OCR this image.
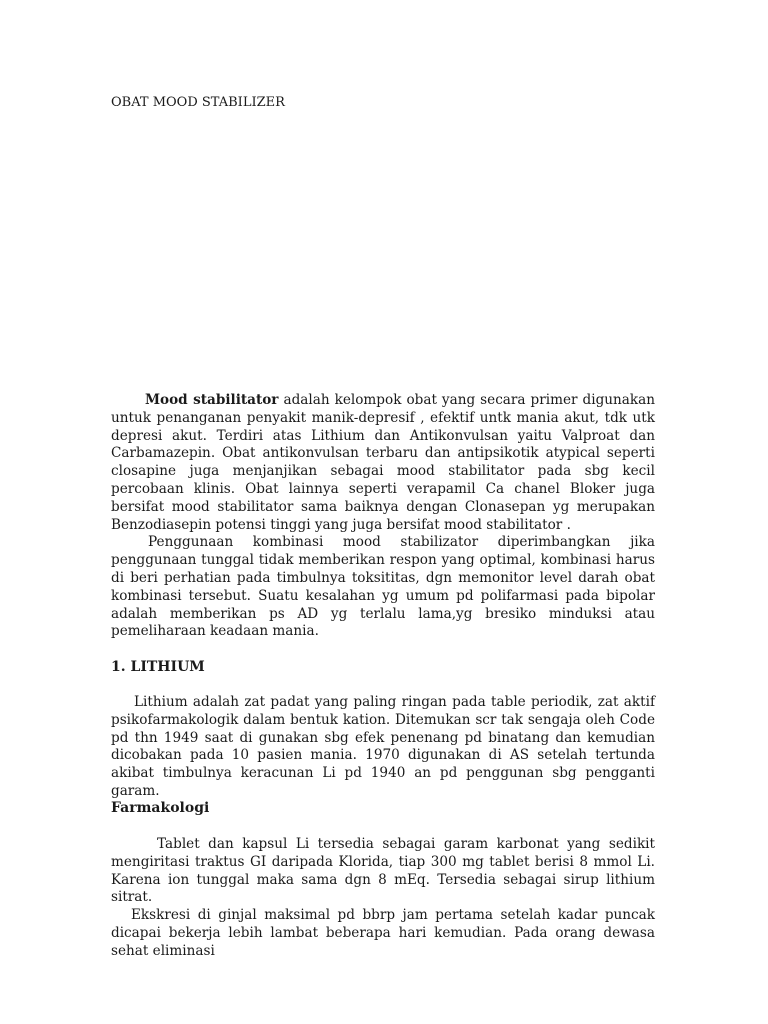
OBAT MOOD STABILIZER

Mood stabilitator adalah kelompok obat yang secara primer digunakan untuk penanganan penyakit manik-depresif , efektif untk mania akut, tdk utk depresi akut. Terdiri atas Lithium dan Antikonvulsan yaitu Valproat dan Carbamazepin. Obat antikonvulsan terbaru dan antipsikotik atypical seperti closapine juga menjanjikan sebagai mood stabilitator pada sbg kecil percobaan klinis. Obat lainnya seperti verapamil Ca chanel Bloker juga bersifat mood stabilitator sama baiknya dengan Clonasepan yg merupakan Benzodiasepin potensi tinggi yang juga bersifat mood stabilitator .

Penggunaan kombinasi mood stabilizator diperimbangkan jika penggunaan tunggal tidak memberikan respon yang optimal, kombinasi harus di beri perhatian pada timbulnya toksititas, dgn memonitor level darah obat kombinasi tersebut. Suatu kesalahan yg umum pd polifarmasi pada bipolar adalah memberikan ps AD yg terlalu lama,yg bresiko minduksi atau pemeliharaan keadaan mania.

1. LITHIUM

Lithium adalah zat padat yang paling ringan pada table periodik, zat aktif psikofarmakologik dalam bentuk kation. Ditemukan scr tak sengaja oleh Code pd thn 1949 saat di gunakan sbg efek penenang pd binatang dan kemudian dicobakan pada 10 pasien mania. 1970 digunakan di AS setelah tertunda akibat timbulnya keracunan Li pd 1940 an pd penggunan sbg pengganti garam.

Farmakologi

Tablet dan kapsul Li tersedia sebagai garam karbonat yang sedikit mengiritasi traktus GI daripada Klorida, tiap 300 mg tablet berisi 8 mmol Li. Karena ion tunggal maka sama dgn 8 mEq. Tersedia sebagai sirup lithium sitrat.

Ekskresi di ginjal maksimal pd bbrp jam pertama setelah kadar puncak dicapai bekerja lebih lambat beberapa hari kemudian. Pada orang dewasa sehat eliminasi
